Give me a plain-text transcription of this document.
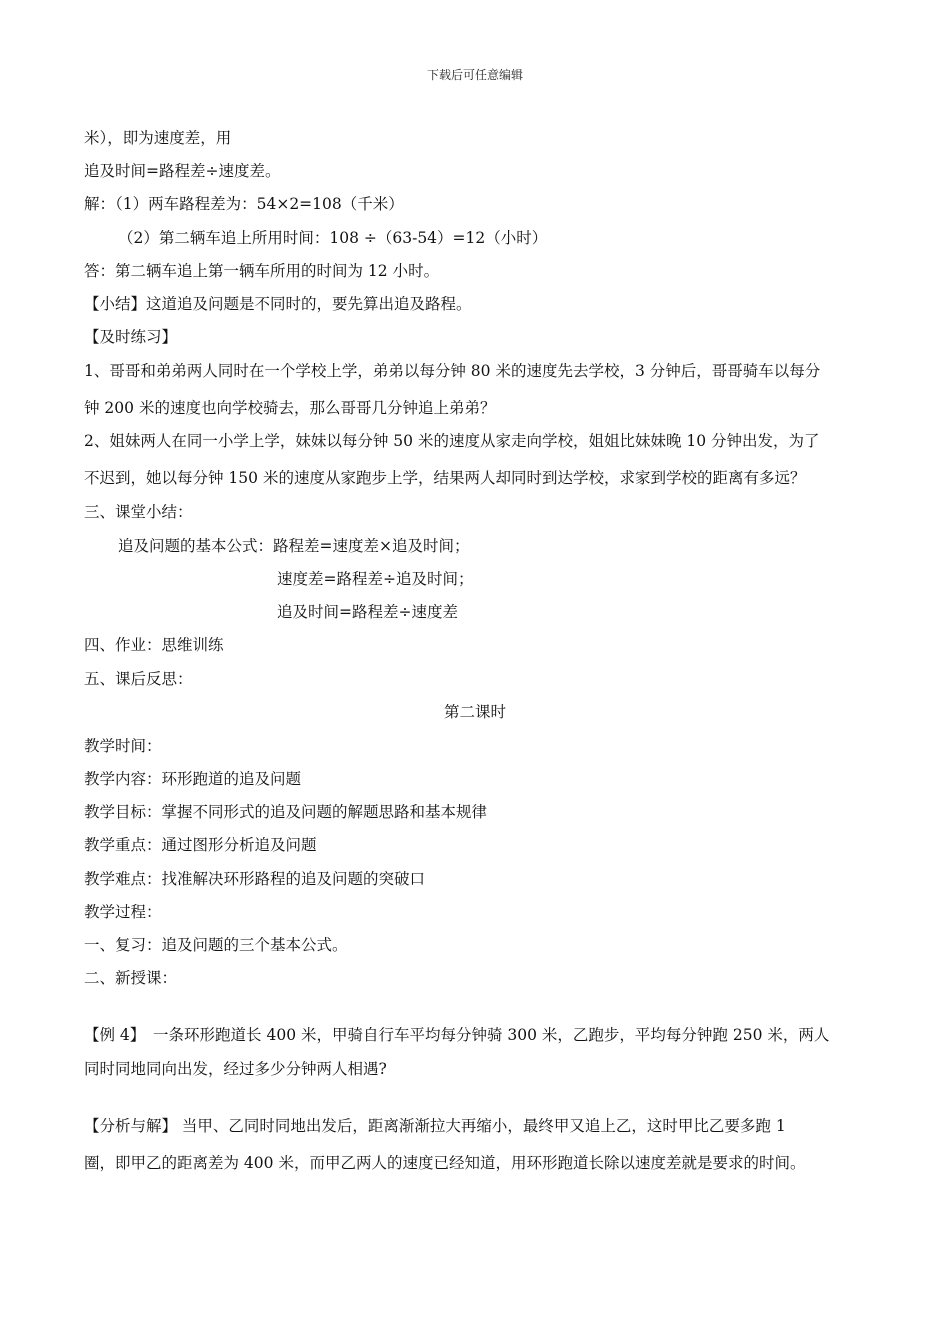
下载后可任意编辑
米），即为速度差，用
追及时间=路程差÷速度差。
解：（1）两车路程差为：54×2=108（千米）
（2）第二辆车追上所用时间：108 ÷（63-54）=12（小时）
答：第二辆车追上第一辆车所用的时间为 12 小时。
【小结】这道追及问题是不同时的，要先算出追及路程。
【及时练习】
1、哥哥和弟弟两人同时在一个学校上学，弟弟以每分钟 80 米的速度先去学校，3 分钟后，哥哥骑车以每分
钟 200 米的速度也向学校骑去，那么哥哥几分钟追上弟弟？
2、姐妹两人在同一小学上学，妹妹以每分钟 50 米的速度从家走向学校，姐姐比妹妹晚 10 分钟出发，为了
不迟到，她以每分钟 150 米的速度从家跑步上学，结果两人却同时到达学校，求家到学校的距离有多远？
三、课堂小结：
追及问题的基本公式：路程差=速度差×追及时间；
速度差=路程差÷追及时间；
追及时间=路程差÷速度差
四、作业：思维训练
五、课后反思：
第二课时
教学时间：
教学内容：环形跑道的追及问题
教学目标：掌握不同形式的追及问题的解题思路和基本规律
教学重点：通过图形分析追及问题
教学难点：找准解决环形路程的追及问题的突破口
教学过程：
一、复习：追及问题的三个基本公式。
二、新授课：
【例 4】　一条环形跑道长 400 米，甲骑自行车平均每分钟骑 300 米，乙跑步，平均每分钟跑 250 米，两人
同时同地同向出发，经过多少分钟两人相遇?
【分析与解】 当甲、乙同时同地出发后，距离渐渐拉大再缩小，最终甲又追上乙，这时甲比乙要多跑 1
圈，即甲乙的距离差为 400 米，而甲乙两人的速度已经知道，用环形跑道长除以速度差就是要求的时间。
